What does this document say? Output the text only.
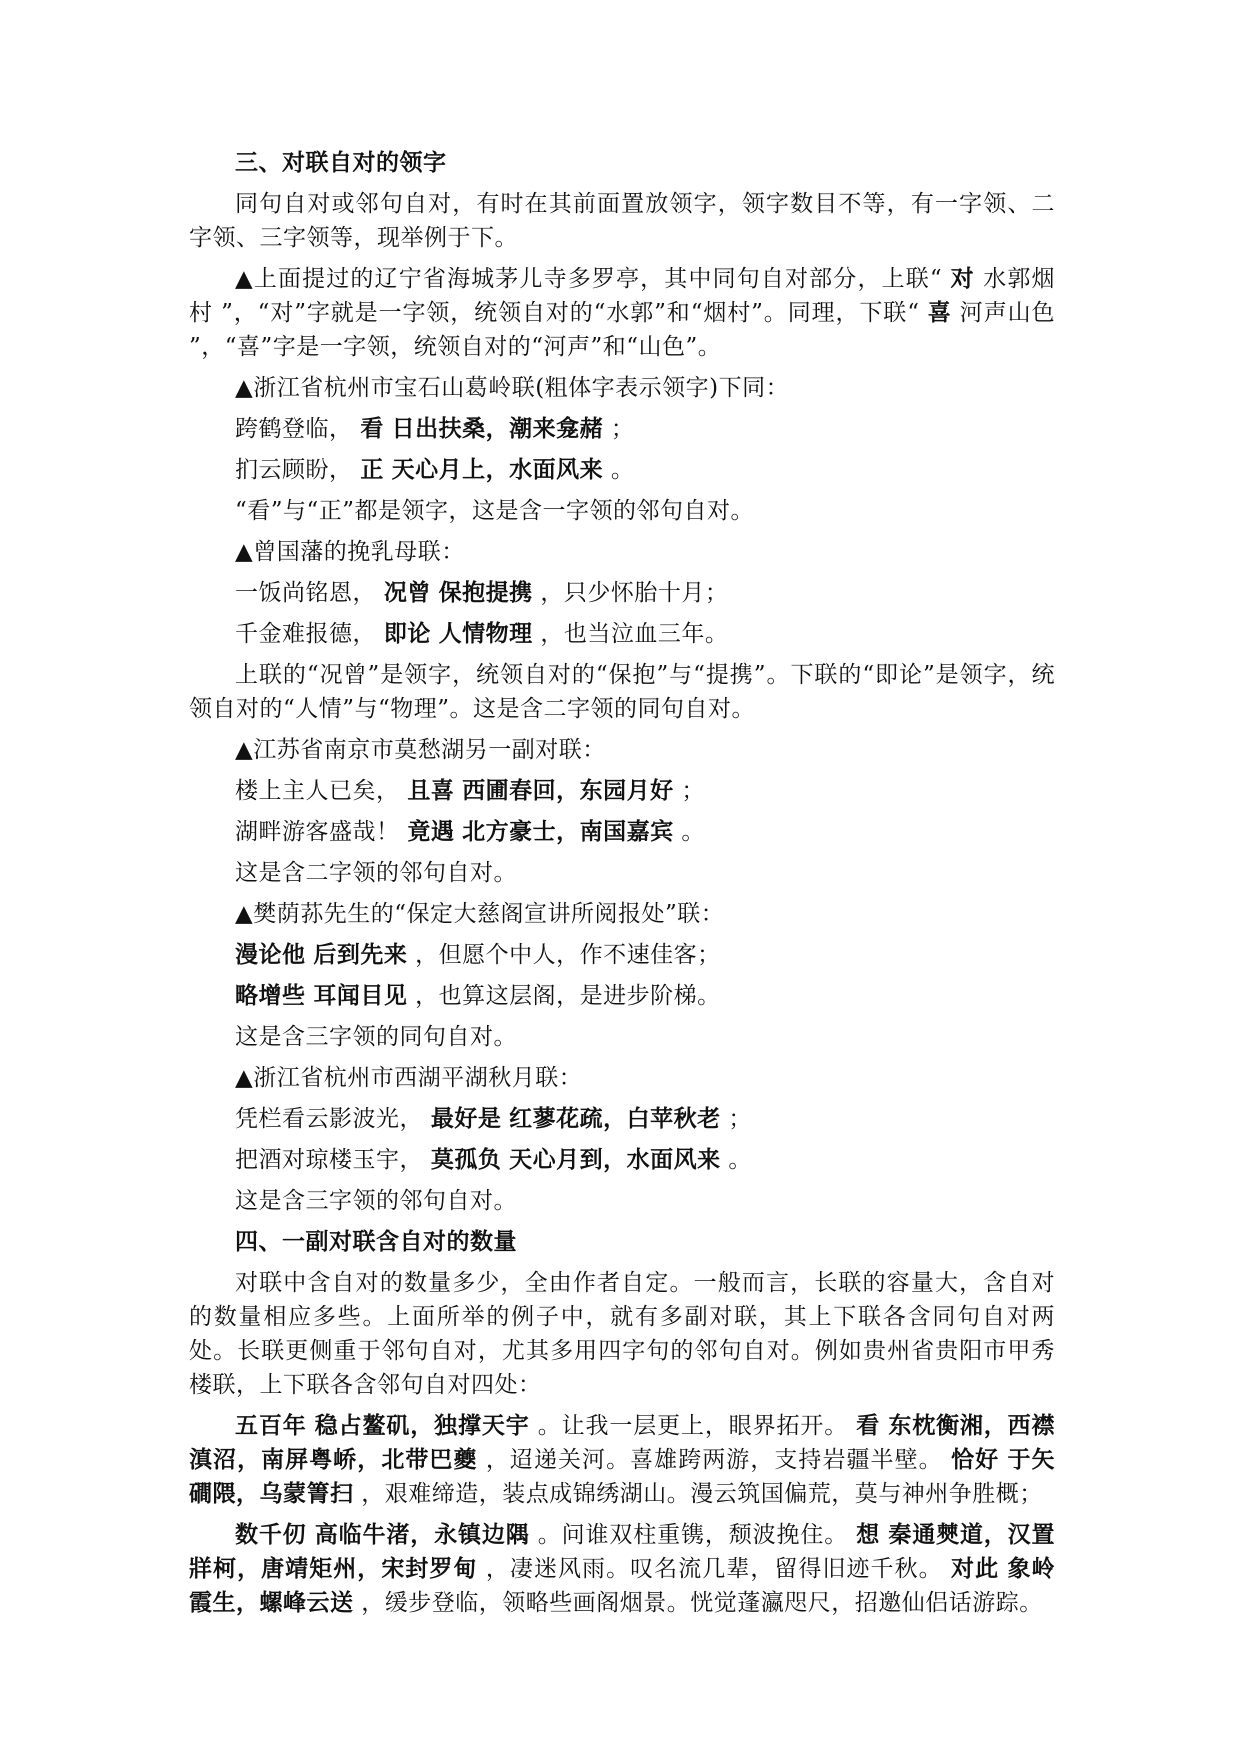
三、对联自对的领字

同句自对或邻句自对，有时在其前面置放领字，领字数目不等，有一字领、二字领、三字领等，现举例于下。

▲上面提过的辽宁省海城茅儿寺多罗亭，其中同句自对部分，上联“ 对 水郭烟村 ”，“对”字就是一字领，统领自对的“水郭”和“烟村”。同理，下联“ 喜 河声山色 ”，“喜”字是一字领，统领自对的“河声”和“山色”。

▲浙江省杭州市宝石山葛岭联(粗体字表示领字)下同：

跨鹤登临， 看 日出扶桑，潮来龛赭 ；

扪云顾盼， 正 天心月上，水面风来 。

“看”与“正”都是领字，这是含一字领的邻句自对。

▲曾国藩的挽乳母联：

一饭尚铭恩， 况曾 保抱提携 ，只少怀胎十月；

千金难报德， 即论 人情物理 ，也当泣血三年。

上联的“况曾”是领字，统领自对的“保抱”与“提携”。下联的“即论”是领字，统领自对的“人情”与“物理”。这是含二字领的同句自对。

▲江苏省南京市莫愁湖另一副对联：

楼上主人已矣， 且喜 西圃春回，东园月好 ；

湖畔游客盛哉！ 竟遇 北方豪士，南国嘉宾 。

这是含二字领的邻句自对。

▲樊荫荪先生的“保定大慈阁宣讲所阅报处”联：

漫论他 后到先来 ，但愿个中人，作不速佳客；

略增些 耳闻目见 ，也算这层阁，是进步阶梯。

这是含三字领的同句自对。

▲浙江省杭州市西湖平湖秋月联：

凭栏看云影波光， 最好是 红蓼花疏，白苹秋老 ；

把酒对琼楼玉宇， 莫孤负 天心月到，水面风来 。

这是含三字领的邻句自对。

四、一副对联含自对的数量

对联中含自对的数量多少，全由作者自定。一般而言，长联的容量大，含自对的数量相应多些。上面所举的例子中，就有多副对联，其上下联各含同句自对两处。长联更侧重于邻句自对，尤其多用四字句的邻句自对。例如贵州省贵阳市甲秀楼联，上下联各含邻句自对四处：

五百年 稳占鳌矶，独撑天宇 。让我一层更上，眼界拓开。 看 东枕衡湘，西襟滇沼，南屏粤峤，北带巴夔 ，迢递关河。喜雄跨两游，支持岩疆半壁。 恰好 于矢磵隈，乌蒙箐扫 ，艰难缔造，装点成锦绣湖山。漫云筑国偏荒，莫与神州争胜概；

数千仞 高临牛渚，永镇边隅 。问谁双柱重镌，颓波挽住。 想 秦通僰道，汉置牂柯，唐靖矩州，宋封罗甸 ，凄迷风雨。叹名流几辈，留得旧迹千秋。 对此 象岭霞生，螺峰云送 ，缓步登临，领略些画阁烟景。恍觉蓬瀛咫尺，招邀仙侣话游踪。
